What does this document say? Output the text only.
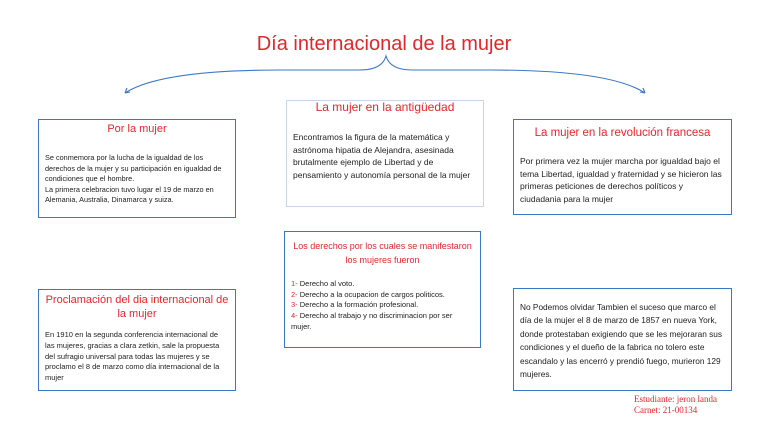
Día internacional de la mujer
Por la mujer

Se conmemora por la lucha de la igualdad de los derechos de la mujer y su participación en igualdad de condiciones que el hombre.
La primera celebracion tuvo lugar el 19 de marzo en Alemania, Australia, Dinamarca y suiza.

La mujer en la antigüedad

Encontramos la figura de la matemática y astrónoma hipatia de Alejandra, asesinada brutalmente ejemplo de Libertad y de pensamiento y autonomía personal de la mujer

La mujer en la revolución francesa

Por primera vez la mujer marcha por igualdad bajo el tema Libertad, igualdad y fraternidad y se hicieron las primeras peticiones de derechos políticos y ciudadania para la mujer

Los derechos por los cuales se manifestaron los mujeres fueron
1- Derecho al voto.
2- Derecho a la ocupacion de cargos politicos.
3- Derecho a la formación profesional.
4- Derecho al trabajo y no discriminacion por ser mujer.
Proclamación del dia internacional de la mujer

En 1910 en la segunda conferencia internacional de las mujeres, gracias a clara zetkin, sale la propuesta del sufragio universal para todas las mujeres y se proclamo el 8 de marzo como día internacional de la mujer

No Podemos olvidar Tambien el suceso que marco el día de la mujer el 8 de marzo de 1857 en nueva York, donde protestaban exigiendo que se les mejoraran sus condiciones y el dueño de la fabrica no tolero este escandalo y las encerró y prendió fuego, murieron 129 mujeres.

Estudiante: jeron landa
Carnet: 21-00134
